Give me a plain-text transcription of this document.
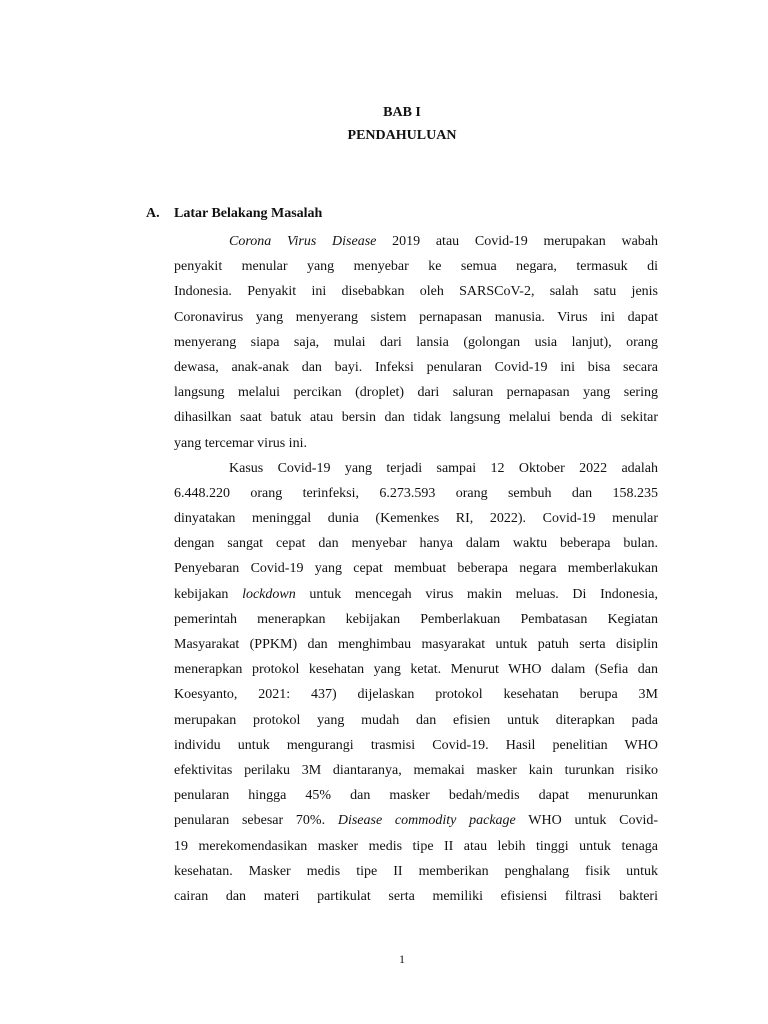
BAB I
PENDAHULUAN
A. Latar Belakang Masalah
Corona Virus Disease 2019 atau Covid-19 merupakan wabah
penyakit menular yang menyebar ke semua negara, termasuk di
Indonesia. Penyakit ini disebabkan oleh SARSCoV-2, salah satu jenis
Coronavirus yang menyerang sistem pernapasan manusia. Virus ini dapat
menyerang siapa saja, mulai dari lansia (golongan usia lanjut), orang
dewasa, anak-anak dan bayi. Infeksi penularan Covid-19 ini bisa secara
langsung melalui percikan (droplet) dari saluran pernapasan yang sering
dihasilkan saat batuk atau bersin dan tidak langsung melalui benda di sekitar
yang tercemar virus ini.
Kasus Covid-19 yang terjadi sampai 12 Oktober 2022 adalah
6.448.220 orang terinfeksi, 6.273.593 orang sembuh dan 158.235
dinyatakan meninggal dunia (Kemenkes RI, 2022). Covid-19 menular
dengan sangat cepat dan menyebar hanya dalam waktu beberapa bulan.
Penyebaran Covid-19 yang cepat membuat beberapa negara memberlakukan
kebijakan lockdown untuk mencegah virus makin meluas. Di Indonesia,
pemerintah menerapkan kebijakan Pemberlakuan Pembatasan Kegiatan
Masyarakat (PPKM) dan menghimbau masyarakat untuk patuh serta disiplin
menerapkan protokol kesehatan yang ketat. Menurut WHO dalam (Sefia dan
Koesyanto, 2021: 437) dijelaskan protokol kesehatan berupa 3M
merupakan protokol yang mudah dan efisien untuk diterapkan pada
individu untuk mengurangi trasmisi Covid-19. Hasil penelitian WHO
efektivitas perilaku 3M diantaranya, memakai masker kain turunkan risiko
penularan hingga 45% dan masker bedah/medis dapat menurunkan
penularan sebesar 70%. Disease commodity package WHO untuk Covid-
19 merekomendasikan masker medis tipe II atau lebih tinggi untuk tenaga
kesehatan. Masker medis tipe II memberikan penghalang fisik untuk
cairan dan materi partikulat serta memiliki efisiensi filtrasi bakteri
1
